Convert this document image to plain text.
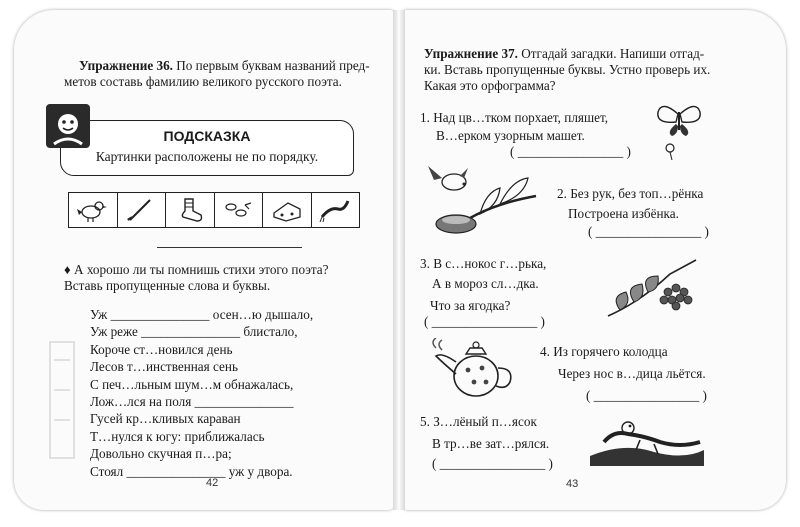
Упражнение 36. По первым буквам названий пред-
метов составь фамилию великого русского поэта.
ПОДСКАЗКА
Картинки расположены не по порядку.
♦ А хорошо ли ты помнишь стихи этого поэта?
Вставь пропущенные слова и буквы.
Уж _______________ осен…ю дышало,
Уж реже _______________ блистало,
Короче ст…новился день
Лесов т…инственная сень
С печ…льным шум…м обнажалась,
Лож…лся на поля _______________
Гусей кр…кливых караван
Т…нулся к югу: приближалась
Довольно скучная п…ра;
Стоял _______________ уж у двора.
42
Упражнение 37. Отгадай загадки. Напиши отгад-
ки. Вставь пропущенные буквы. Устно проверь их.
Какая это орфограмма?
1. Над цв…тком порхает, пляшет,
В…ерком узорным машет.
( ________________ )
2. Без рук, без топ…рёнка
Построена избёнка.
( ________________ )
3. В с…нокос г…рька,
А в мороз сл…дка.
Что за ягодка?
( ________________ )
4. Из горячего колодца
Через нос в…дица льётся.
( ________________ )
5. З…лёный п…ясок
В тр…ве зат…рялся.
( ________________ )
43
